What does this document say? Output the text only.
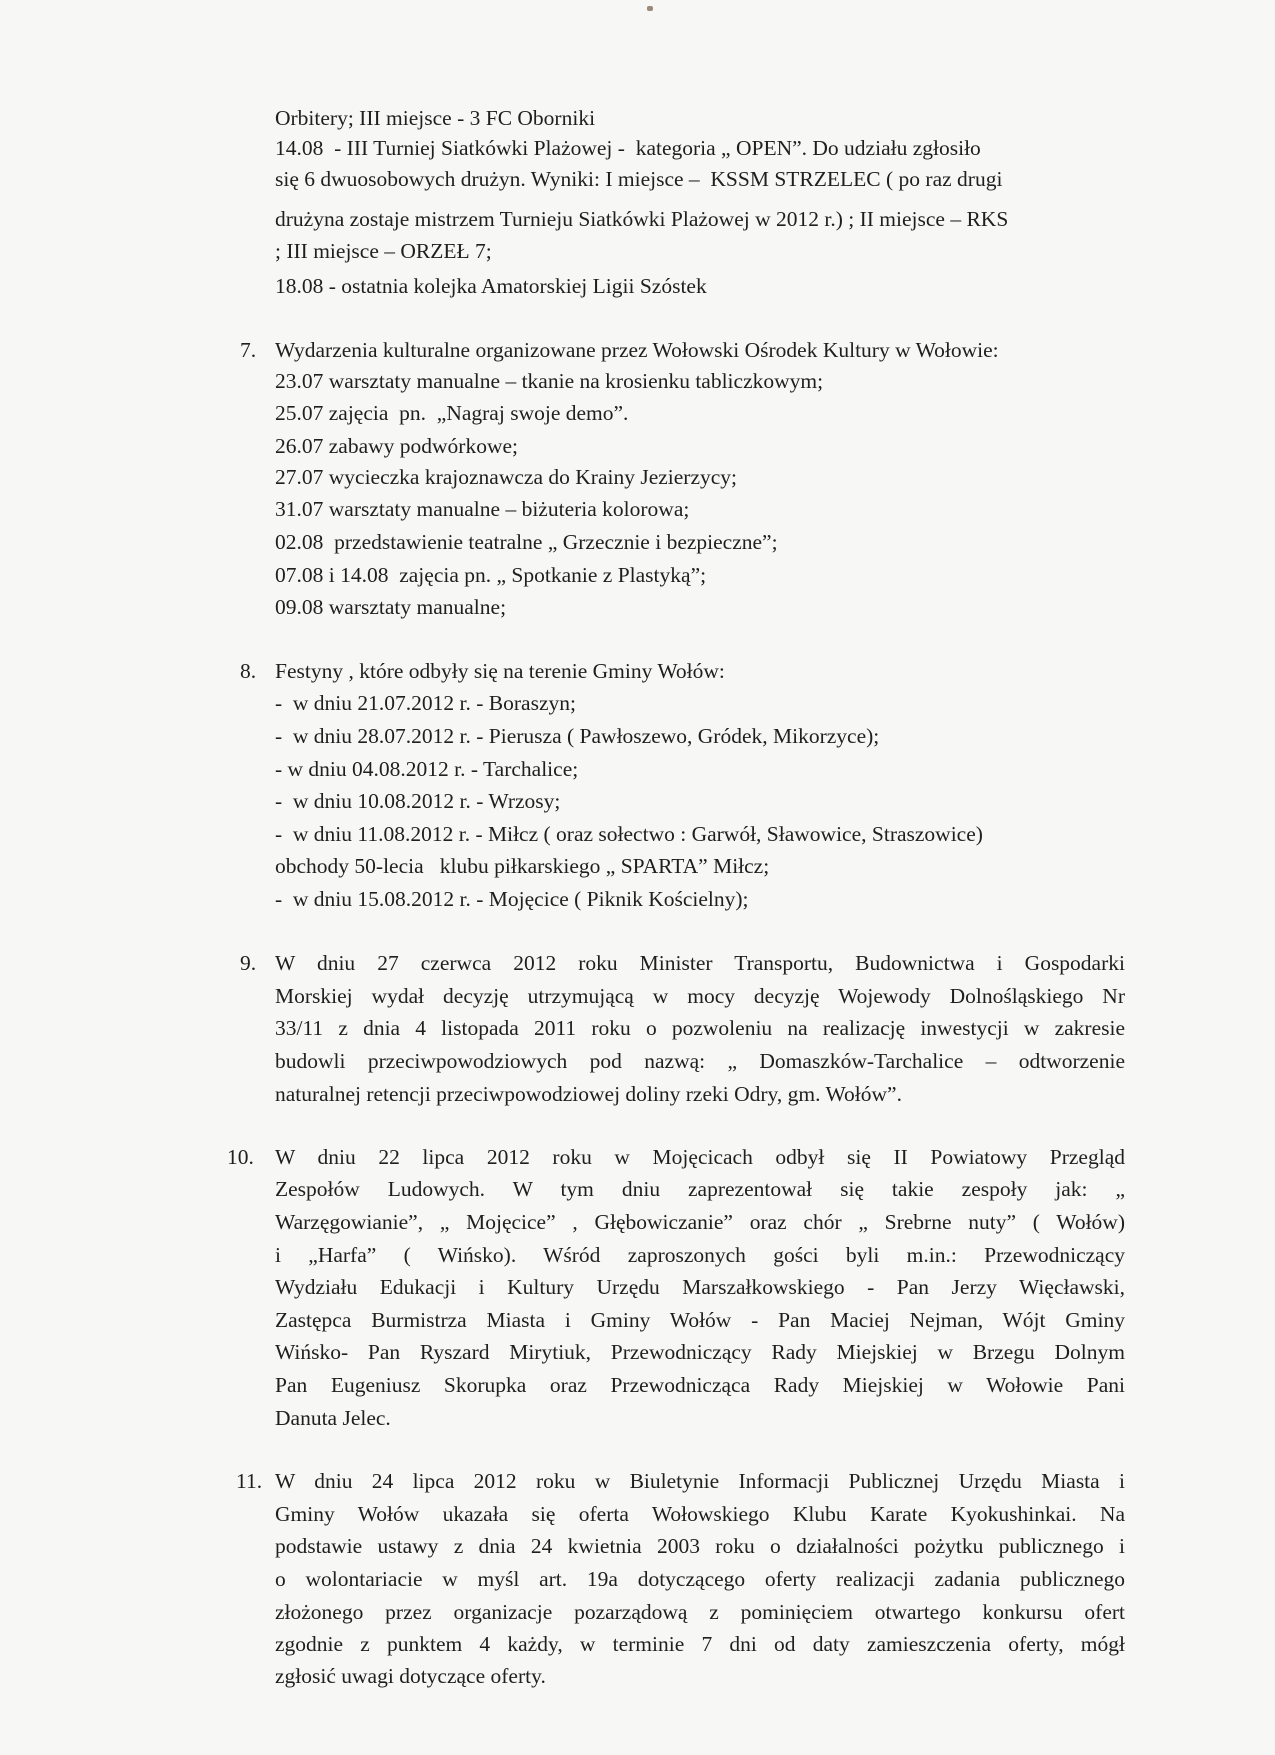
Orbitery; III miejsce - 3 FC Oborniki
14.08  - III Turniej Siatkówki Plażowej -  kategoria „ OPEN”. Do udziału zgłosiło
się 6 dwuosobowych drużyn. Wyniki: I miejsce –  KSSM STRZELEC ( po raz drugi
drużyna zostaje mistrzem Turnieju Siatkówki Plażowej w 2012 r.) ; II miejsce – RKS
; III miejsce – ORZEŁ 7;
18.08 - ostatnia kolejka Amatorskiej Ligii Szóstek
7. Wydarzenia kulturalne organizowane przez Wołowski Ośrodek Kultury w Wołowie:
23.07 warsztaty manualne – tkanie na krosienku tabliczkowym;
25.07 zajęcia  pn.  „Nagraj swoje demo”.
26.07 zabawy podwórkowe;
27.07 wycieczka krajoznawcza do Krainy Jezierzycy;
31.07 warsztaty manualne – biżuteria kolorowa;
02.08  przedstawienie teatralne „ Grzecznie i bezpieczne”;
07.08 i 14.08  zajęcia pn. „ Spotkanie z Plastyką”;
09.08 warsztaty manualne;
8. Festyny , które odbyły się na terenie Gminy Wołów:
-  w dniu 21.07.2012 r. - Boraszyn;
-  w dniu 28.07.2012 r. - Pierusza ( Pawłoszewo, Gródek, Mikorzyce);
- w dniu 04.08.2012 r. - Tarchalice;
-  w dniu 10.08.2012 r. - Wrzosy;
-  w dniu 11.08.2012 r. - Miłcz ( oraz sołectwo : Garwół, Sławowice, Straszowice)
obchody 50-lecia   klubu piłkarskiego „ SPARTA” Miłcz;
-  w dniu 15.08.2012 r. - Mojęcice ( Piknik Kościelny);
9. W dniu 27 czerwca 2012 roku Minister Transportu, Budownictwa i Gospodarki
Morskiej wydał decyzję utrzymującą w mocy decyzję Wojewody Dolnośląskiego Nr
33/11 z dnia 4 listopada 2011 roku o pozwoleniu na realizację inwestycji w zakresie
budowli przeciwpowodziowych pod nazwą: „ Domaszków-Tarchalice – odtworzenie
naturalnej retencji przeciwpowodziowej doliny rzeki Odry, gm. Wołów”.
10. W dniu 22 lipca 2012 roku w Mojęcicach odbył się II Powiatowy Przegląd
Zespołów Ludowych. W tym dniu zaprezentował się takie zespoły jak: „
Warzęgowianie”, „ Mojęcice” , Głębowiczanie” oraz chór „ Srebrne nuty” ( Wołów)
i „Harfa” ( Wińsko). Wśród zaproszonych gości byli m.in.: Przewodniczący
Wydziału Edukacji i Kultury Urzędu Marszałkowskiego - Pan Jerzy Więcławski,
Zastępca Burmistrza Miasta i Gminy Wołów - Pan Maciej Nejman, Wójt Gminy
Wińsko- Pan Ryszard Mirytiuk, Przewodniczący Rady Miejskiej w Brzegu Dolnym
Pan Eugeniusz Skorupka oraz Przewodnicząca Rady Miejskiej w Wołowie Pani
Danuta Jelec.
11. W dniu 24 lipca 2012 roku w Biuletynie Informacji Publicznej Urzędu Miasta i
Gminy Wołów ukazała się oferta Wołowskiego Klubu Karate Kyokushinkai. Na
podstawie ustawy z dnia 24 kwietnia 2003 roku o działalności pożytku publicznego i
o wolontariacie w myśl art. 19a dotyczącego oferty realizacji zadania publicznego
złożonego przez organizacje pozarządową z pominięciem otwartego konkursu ofert
zgodnie z punktem 4 każdy, w terminie 7 dni od daty zamieszczenia oferty, mógł
zgłosić uwagi dotyczące oferty.
